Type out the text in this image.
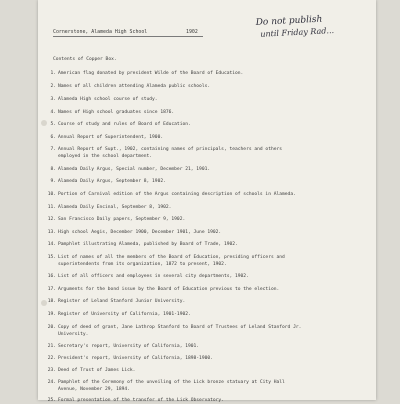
Cornerstone, Alameda High School	1902
Do not publish
until Friday Rad...
Contents of Copper Box.
1. American flag donated by president Wilde of the Board of Education.
2. Names of all children attending Alameda public schools.
3. Alameda High school course of study.
4. Names of High school graduates since 1876.
5. Course of study and rules of Board of Education.
6. Annual Report of Superintendent, 1900.
7. Annual Report of Supt., 1902, containing names of principals, teachers and others
employed in the school department.
8. Alameda Daily Argus, Special number, December 21, 1901.
9. Alameda Daily Argus, September 8, 1902.
10. Portion of Carnival edition of the Argus containing description of schools in Alameda.
11. Alameda Daily Encinal, September 8, 1902.
12. San Francisco Daily papers, September 9, 1902.
13. High school Aegis, December 1900, December 1901, June 1902.
14. Pamphlet illustrating Alameda, published by Board of Trade, 1902.
15. List of names of all the members of the Board of Education, presiding officers and
superintendents from its organization, 1872 to present, 1902.
16. List of all officers and employees in several city departments, 1902.
17. Arguments for the bond issue by the Board of Education previous to the election.
18. Register of Leland Stanford Junior University.
19. Register of University of California, 1901-1902.
20. Copy of deed of grant, Jane Lathrop Stanford to Board of Trustees of Leland Stanford Jr.
University.
21. Secretary's report, University of California, 1901.
22. President's report, University of California, 1898-1900.
23. Deed of Trust of James Lick.
24. Pamphlet of the Ceremony of the unveiling of the Lick bronze statuary at City Hall
Avenue, November 29, 1894.
25. Formal presentation of the transfer of the Lick Observatory.
